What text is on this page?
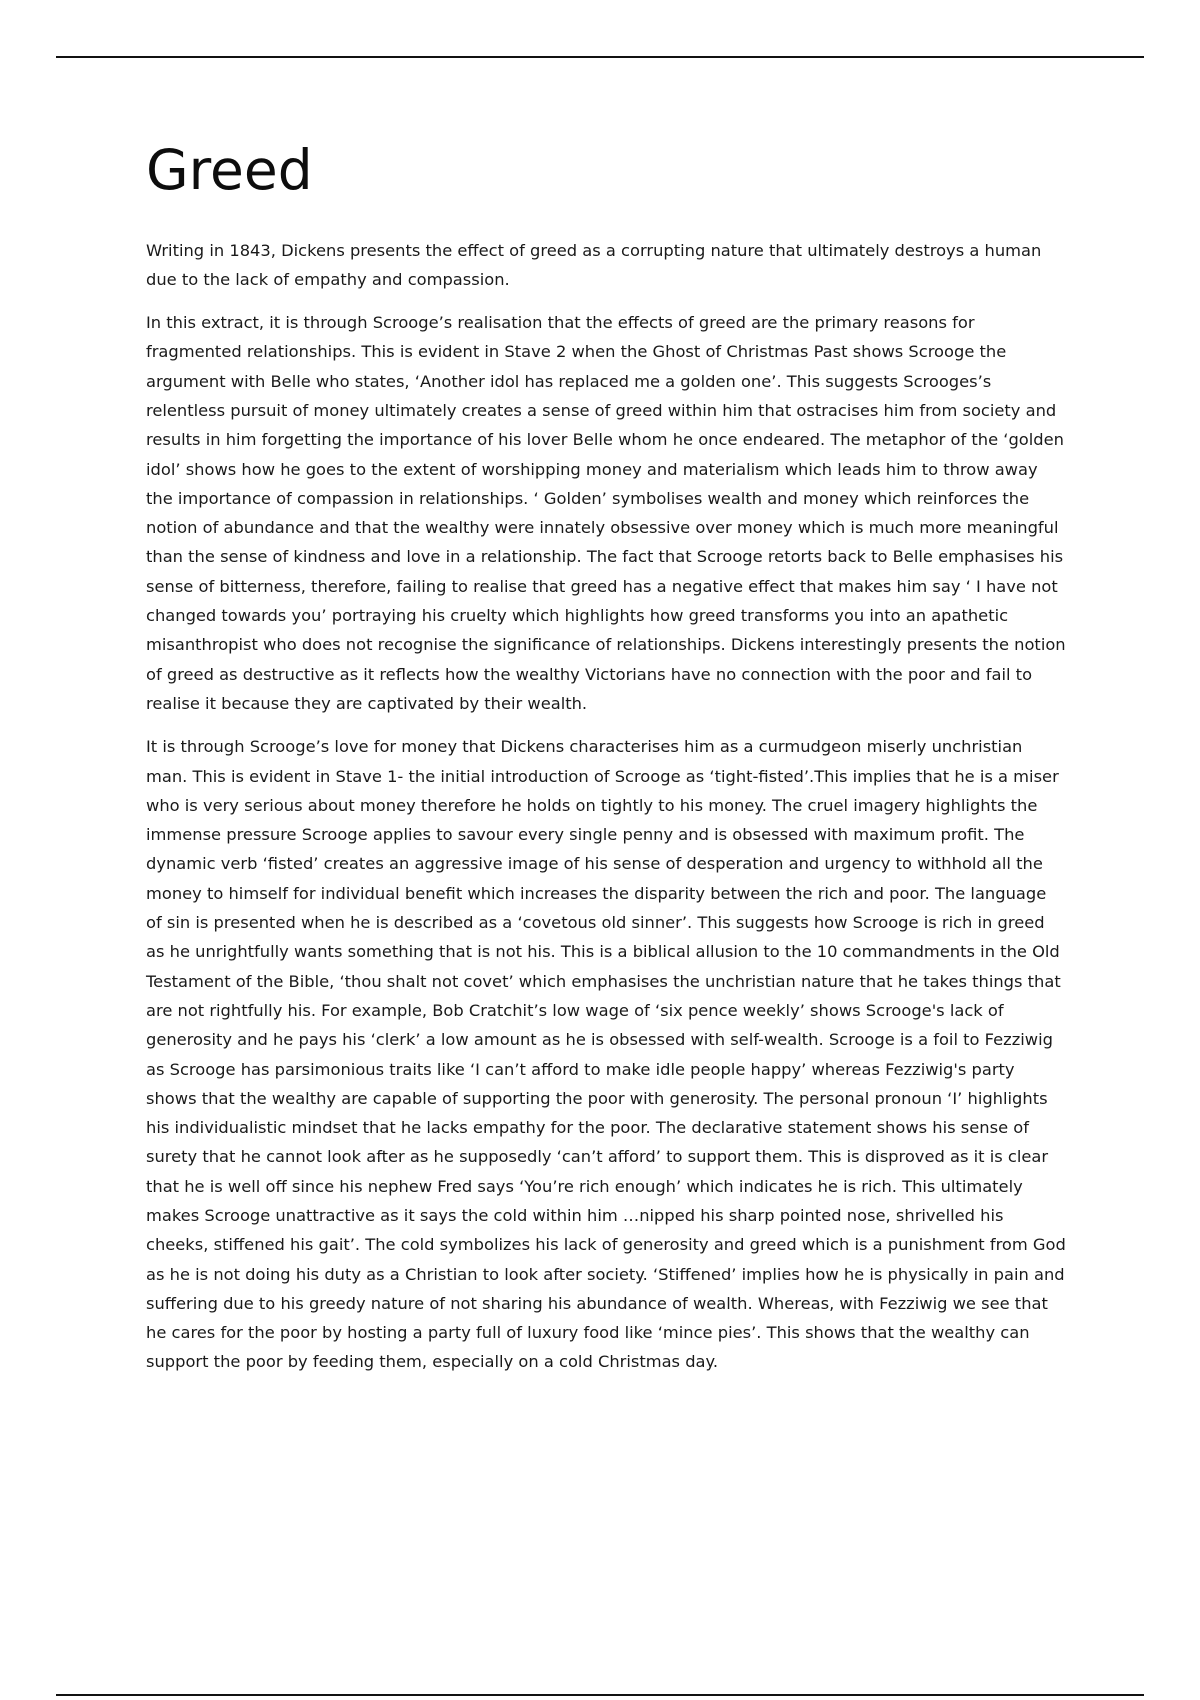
Greed

Writing in 1843, Dickens presents the effect of greed as a corrupting nature that ultimately destroys a human due to the lack of empathy and compassion.

In this extract, it is through Scrooge’s realisation that the effects of greed are the primary reasons for fragmented relationships. This is evident in Stave 2 when the Ghost of Christmas Past shows Scrooge the argument with Belle who states, ‘Another idol has replaced me a golden one’. This suggests Scrooges’s relentless pursuit of money ultimately creates a sense of greed within him that ostracises him from society and results in him forgetting the importance of his lover Belle whom he once endeared. The metaphor of the ‘golden idol’ shows how he goes to the extent of worshipping money and materialism which leads him to throw away the importance of compassion in relationships. ‘ Golden’ symbolises wealth and money which reinforces the notion of abundance and that the wealthy were innately obsessive over money which is much more meaningful than the sense of kindness and love in a relationship. The fact that Scrooge retorts back to Belle emphasises his sense of bitterness, therefore, failing to realise that greed has a negative effect that makes him say ‘ I have not changed towards you’ portraying his cruelty which highlights how greed transforms you into an apathetic misanthropist who does not recognise the significance of relationships. Dickens interestingly presents the notion of greed as destructive as it reflects how the wealthy Victorians have no connection with the poor and fail to realise it because they are captivated by their wealth.

It is through Scrooge’s love for money that Dickens characterises him as a curmudgeon miserly unchristian man. This is evident in Stave 1- the initial introduction of Scrooge as ‘tight-fisted’.This implies that he is a miser who is very serious about money therefore he holds on tightly to his money. The cruel imagery highlights the immense pressure Scrooge applies to savour every single penny and is obsessed with maximum profit. The dynamic verb ‘fisted’ creates an aggressive image of his sense of desperation and urgency to withhold all the money to himself for individual benefit which increases the disparity between the rich and poor. The language of sin is presented when he is described as a ‘covetous old sinner’. This suggests how Scrooge is rich in greed as he unrightfully wants something that is not his. This is a biblical allusion to the 10 commandments in the Old Testament of the Bible, ‘thou shalt not covet’ which emphasises the unchristian nature that he takes things that are not rightfully his. For example, Bob Cratchit’s low wage of ‘six pence weekly’ shows Scrooge's lack of generosity and he pays his ‘clerk’ a low amount as he is obsessed with self-wealth. Scrooge is a foil to Fezziwig as Scrooge has parsimonious traits like ‘I can’t afford to make idle people happy’ whereas Fezziwig's party shows that the wealthy are capable of supporting the poor with generosity. The personal pronoun ‘I’ highlights his individualistic mindset that he lacks empathy for the poor. The declarative statement shows his sense of surety that he cannot look after as he supposedly ‘can’t afford’ to support them. This is disproved as it is clear that he is well off since his nephew Fred says ‘You’re rich enough’ which indicates he is rich. This ultimately makes Scrooge unattractive as it says the cold within him …nipped his sharp pointed nose, shrivelled his cheeks, stiffened his gait’. The cold symbolizes his lack of generosity and greed which is a punishment from God as he is not doing his duty as a Christian to look after society. ‘Stiffened’ implies how he is physically in pain and suffering due to his greedy nature of not sharing his abundance of wealth. Whereas, with Fezziwig we see that he cares for the poor by hosting a party full of luxury food like ‘mince pies’. This shows that the wealthy can support the poor by feeding them, especially on a cold Christmas day.
